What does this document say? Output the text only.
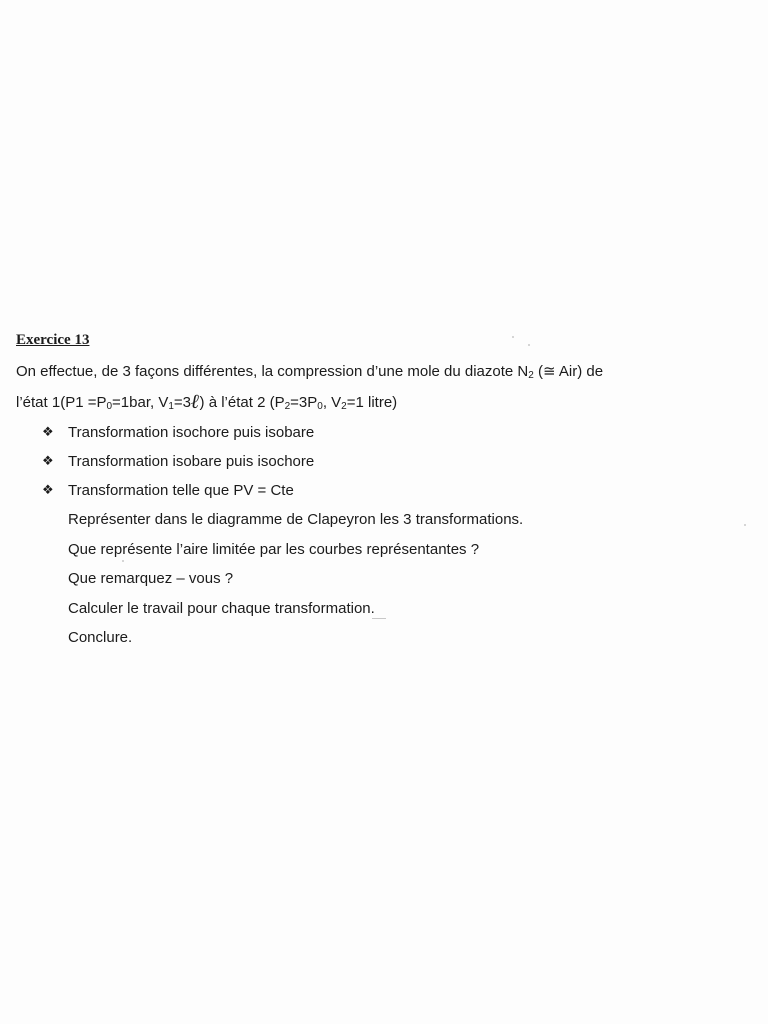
Exercice 13

On effectue, de 3 façons différentes, la compression d’une mole du diazote $N_2$ (≅ Air) de
l’état $1(P1 =P_0=1bar$, $V_1=3\ell$) à l’état 2 ($P_2=3P_0$, $V_2=1$ litre)

❖ Transformation isochore puis isobare
❖ Transformation isobare puis isochore
❖ Transformation telle que PV = Cte

Représenter dans le diagramme de Clapeyron les 3 transformations.

Que représente l’aire limitée par les courbes représentantes ?

Que remarquez – vous ?

Calculer le travail pour chaque transformation.

Conclure.
